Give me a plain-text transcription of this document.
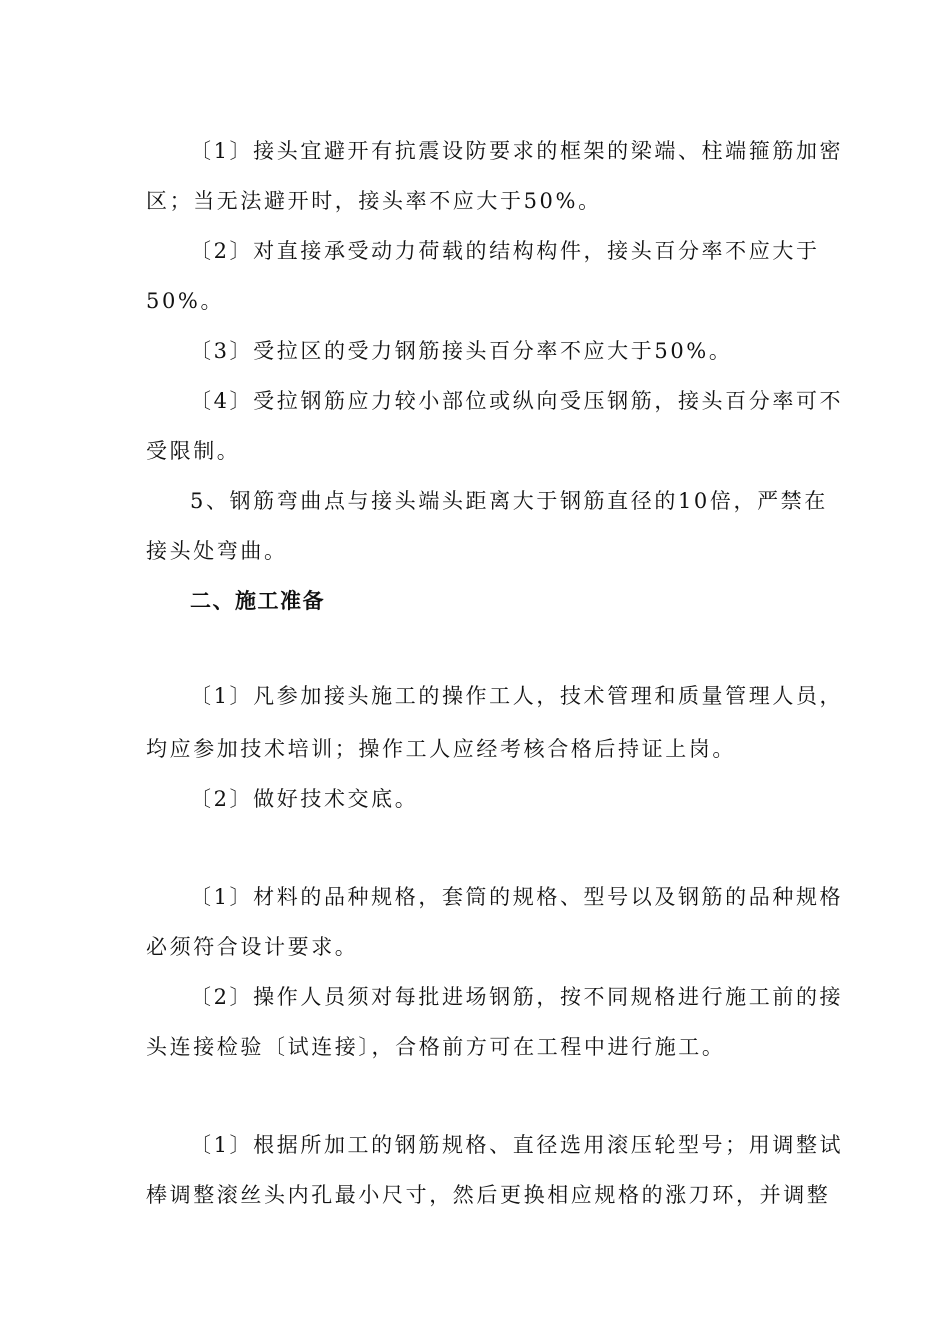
〔1〕接头宜避开有抗震设防要求的框架的梁端、柱端箍筋加密
区；当无法避开时，接头率不应大于50%。
〔2〕对直接承受动力荷载的结构构件，接头百分率不应大于
50%。
〔3〕受拉区的受力钢筋接头百分率不应大于50%。
〔4〕受拉钢筋应力较小部位或纵向受压钢筋，接头百分率可不
受限制。
5、钢筋弯曲点与接头端头距离大于钢筋直径的10倍，严禁在
接头处弯曲。
二、施工准备
〔1〕凡参加接头施工的操作工人，技术管理和质量管理人员，
均应参加技术培训；操作工人应经考核合格后持证上岗。
〔2〕做好技术交底。
〔1〕材料的品种规格，套筒的规格、型号以及钢筋的品种规格
必须符合设计要求。
〔2〕操作人员须对每批进场钢筋，按不同规格进行施工前的接
头连接检验〔试连接〕，合格前方可在工程中进行施工。
〔1〕根据所加工的钢筋规格、直径选用滚压轮型号；用调整试
棒调整滚丝头内孔最小尺寸，然后更换相应规格的涨刀环，并调整
